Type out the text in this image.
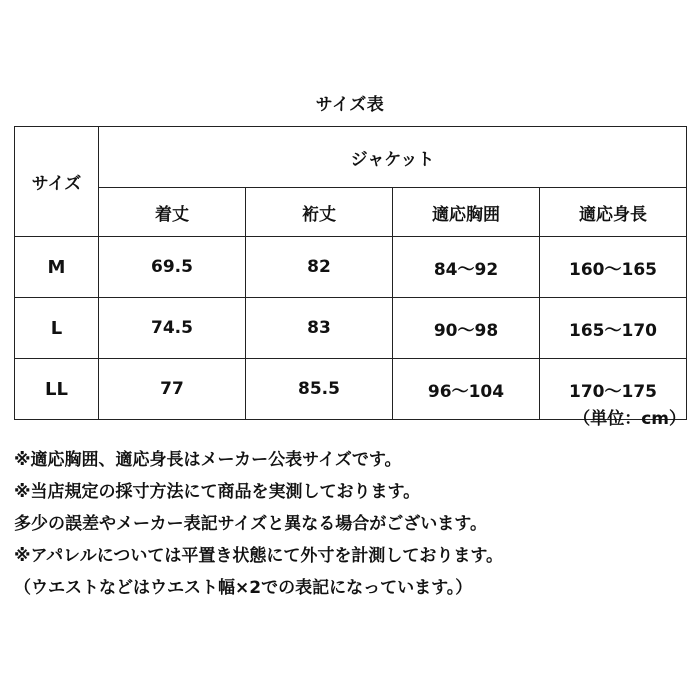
サイズ表
サイズ	ジャケット			
	着丈	裄丈	適応胸囲	適応身長
M	69.5	82	84〜92	160〜165
L	74.5	83	90〜98	165〜170
LL	77	85.5	96〜104	170〜175
（単位：cm）
※適応胸囲、適応身長はメーカー公表サイズです。
※当店規定の採寸方法にて商品を実測しております。
多少の誤差やメーカー表記サイズと異なる場合がございます。
※アパレルについては平置き状態にて外寸を計測しております。
（ウエストなどはウエスト幅×2での表記になっています。）
